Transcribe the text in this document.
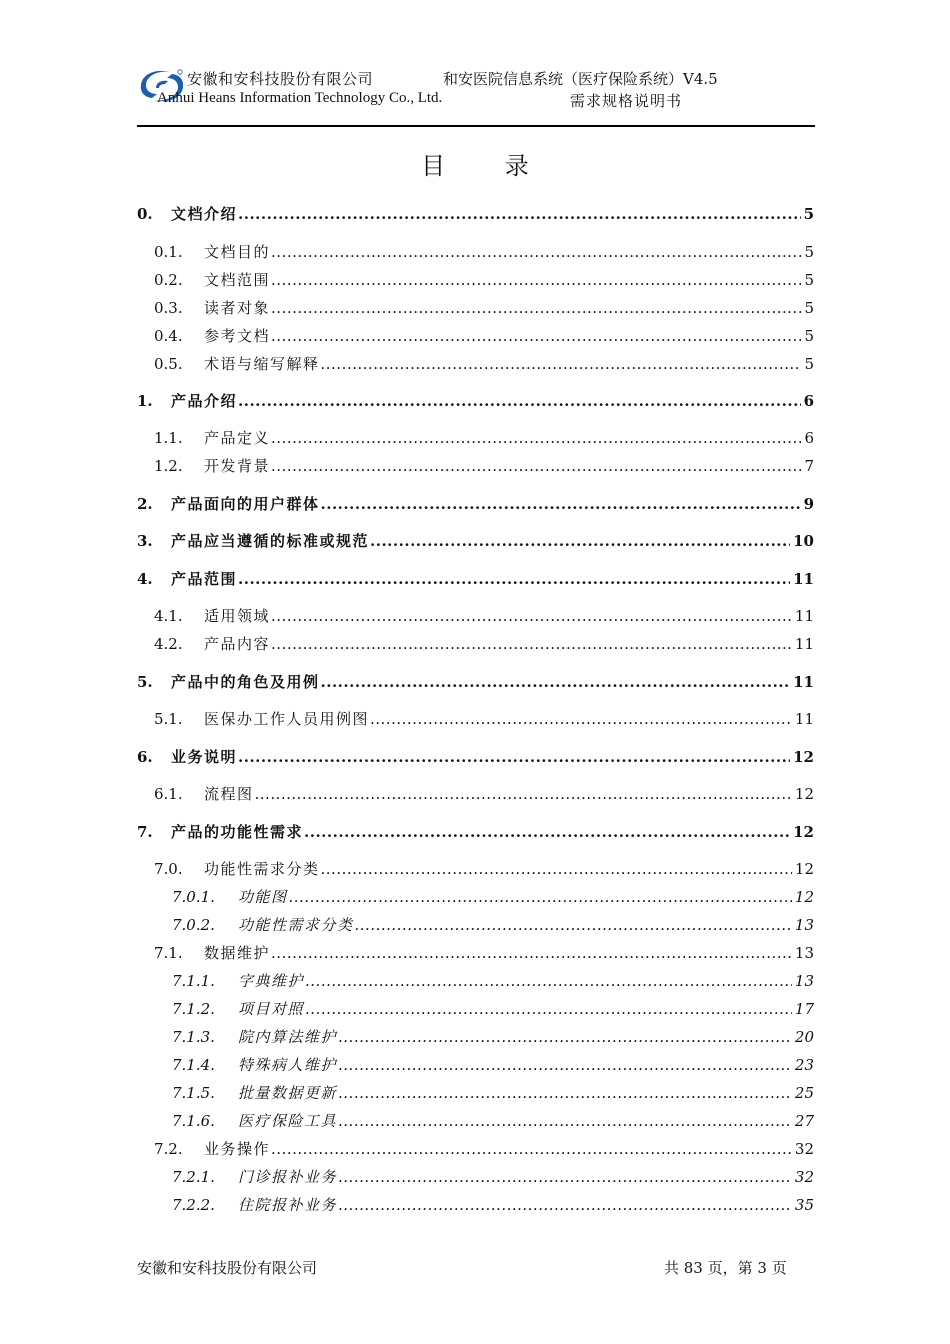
安徽和安科技股份有限公司	和安医院信息系统（医疗保险系统）V4.5
Anhui Heans Information Technology Co., Ltd.	需求规格说明书
目 录
0.	文档介绍 .....	5
0.1.	文档目的 .....	5
0.2.	文档范围 .....	5
0.3.	读者对象 .....	5
0.4.	参考文档 .....	5
0.5.	术语与缩写解释 .....	5
1.	产品介绍 .....	6
1.1.	产品定义 .....	6
1.2.	开发背景 .....	7
2.	产品面向的用户群体 .....	9
3.	产品应当遵循的标准或规范 .....	10
4.	产品范围 .....	11
4.1.	适用领域 .....	11
4.2.	产品内容 .....	11
5.	产品中的角色及用例 .....	11
5.1.	医保办工作人员用例图 .....	11
6.	业务说明 .....	12
6.1.	流程图 .....	12
7.	产品的功能性需求 .....	12
7.0.	功能性需求分类 .....	12
7.0.1.	功能图 .....	12
7.0.2.	功能性需求分类 .....	13
7.1.	数据维护 .....	13
7.1.1.	字典维护 .....	13
7.1.2.	项目对照 .....	17
7.1.3.	院内算法维护 .....	20
7.1.4.	特殊病人维护 .....	23
7.1.5.	批量数据更新 .....	25
7.1.6.	医疗保险工具 .....	27
7.2.	业务操作 .....	32
7.2.1.	门诊报补业务 .....	32
7.2.2.	住院报补业务 .....	35
安徽和安科技股份有限公司	共 83 页，第 3 页
